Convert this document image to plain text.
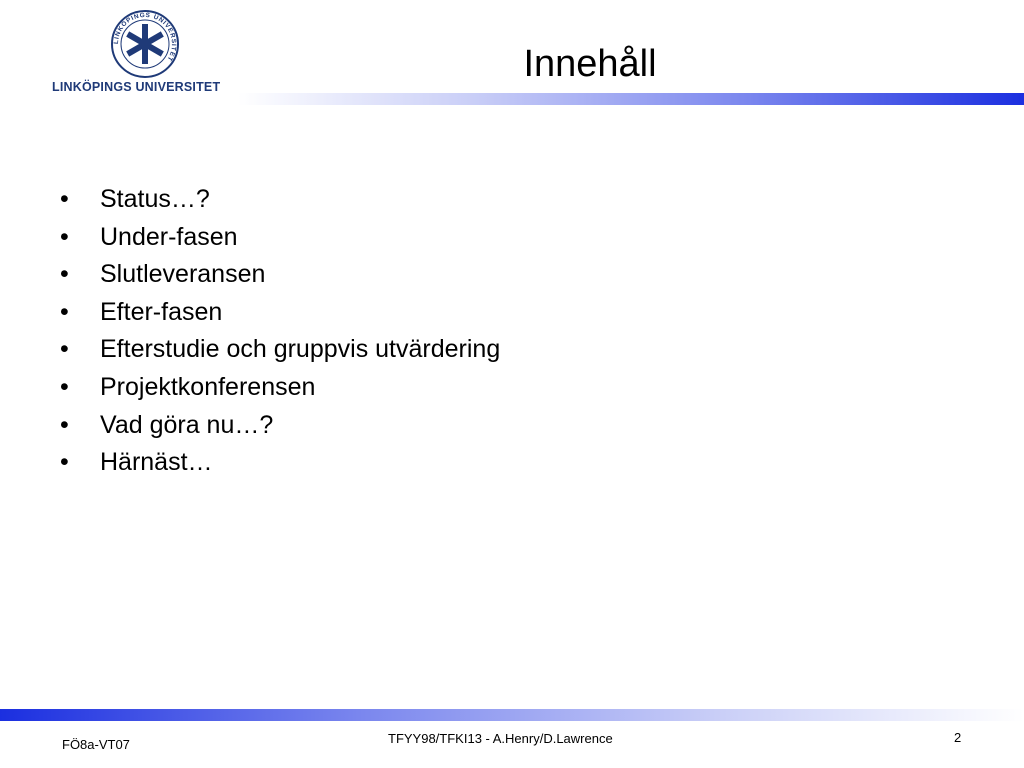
LINKÖPINGS UNIVERSITET
LINKÖPINGS UNIVERSITET
Innehåll
• Status…?
• Under-fasen
• Slutleveransen
• Efter-fasen
• Efterstudie och gruppvis utvärdering
• Projektkonferensen
• Vad göra nu…?
• Härnäst…
FÖ8a-VT07	TFYY98/TFKI13 - A.Henry/D.Lawrence	2
